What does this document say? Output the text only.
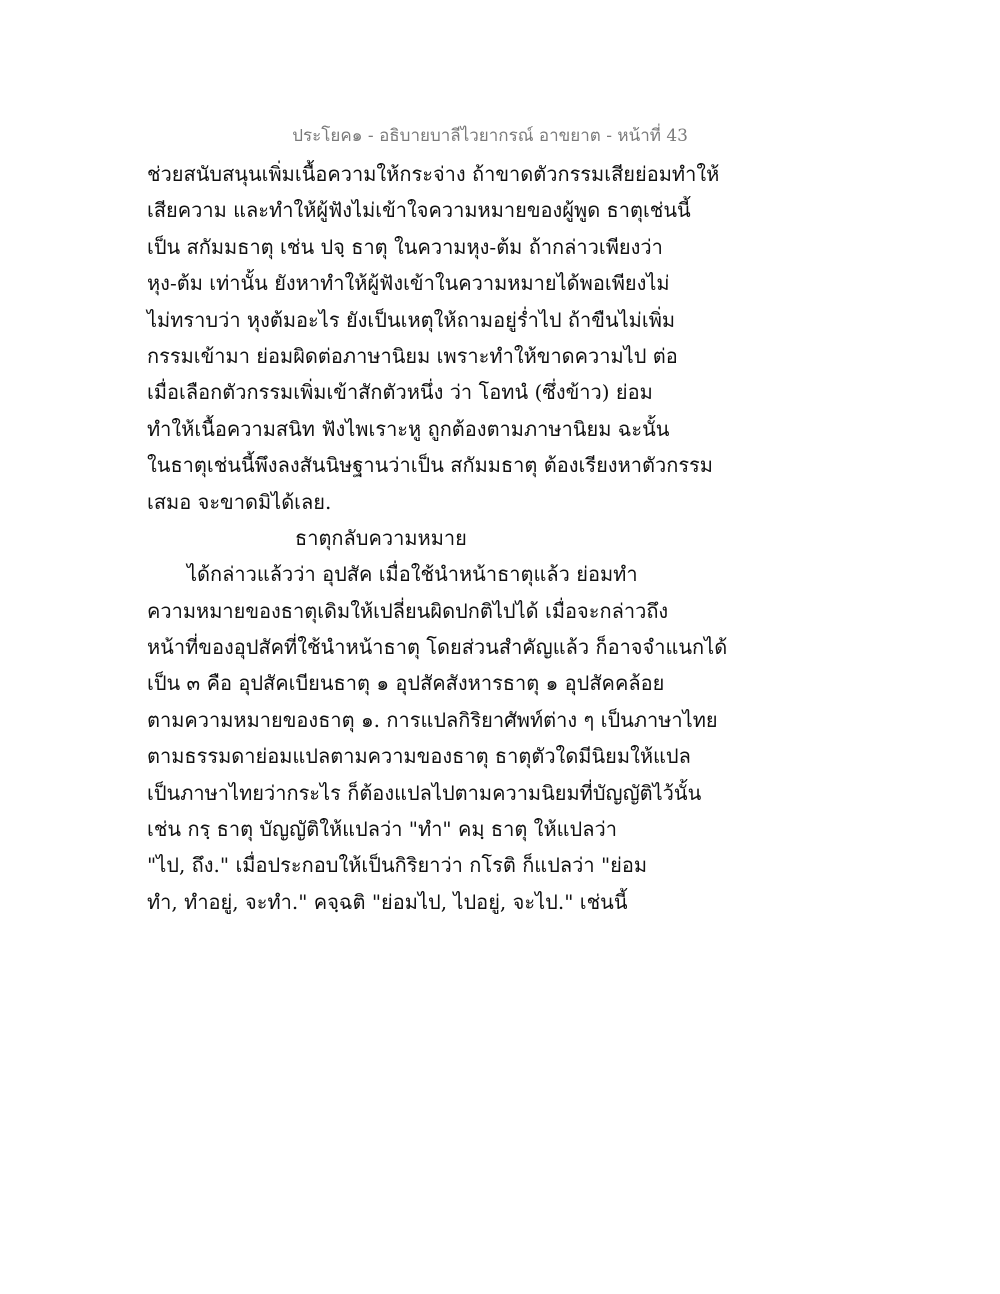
ประโยค๑ - อธิบายบาลีไวยากรณ์ อาขยาต - หน้าที่ 43
ช่วยสนับสนุนเพิ่มเนื้อความให้กระจ่าง ถ้าขาดตัวกรรมเสียย่อมทำให้
เสียความ และทำให้ผู้ฟังไม่เข้าใจความหมายของผู้พูด ธาตุเช่นนี้
เป็น สกัมมธาตุ เช่น ปจฺ ธาตุ ในความหุง-ต้ม ถ้ากล่าวเพียงว่า
หุง-ต้ม เท่านั้น ยังหาทำให้ผู้ฟังเข้าในความหมายได้พอเพียงไม่
ไม่ทราบว่า หุงต้มอะไร ยังเป็นเหตุให้ถามอยู่ร่ำไป ถ้าขืนไม่เพิ่ม
กรรมเข้ามา ย่อมผิดต่อภาษานิยม เพราะทำให้ขาดความไป ต่อ
เมื่อเลือกตัวกรรมเพิ่มเข้าสักตัวหนึ่ง ว่า โอทนํ (ซึ่งข้าว) ย่อม
ทำให้เนื้อความสนิท ฟังไพเราะหู ถูกต้องตามภาษานิยม ฉะนั้น
ในธาตุเช่นนี้พึงลงสันนิษฐานว่าเป็น สกัมมธาตุ ต้องเรียงหาตัวกรรม
เสมอ จะขาดมิได้เลย.
ธาตุกลับความหมาย
ได้กล่าวแล้วว่า อุปสัค เมื่อใช้นำหน้าธาตุแล้ว ย่อมทำ
ความหมายของธาตุเดิมให้เปลี่ยนผิดปกติไปได้ เมื่อจะกล่าวถึง
หน้าที่ของอุปสัคที่ใช้นำหน้าธาตุ โดยส่วนสำคัญแล้ว ก็อาจจำแนกได้
เป็น ๓ คือ อุปสัคเบียนธาตุ ๑ อุปสัคสังหารธาตุ ๑ อุปสัคคล้อย
ตามความหมายของธาตุ ๑. การแปลกิริยาศัพท์ต่าง ๆ เป็นภาษาไทย
ตามธรรมดาย่อมแปลตามความของธาตุ ธาตุตัวใดมีนิยมให้แปล
เป็นภาษาไทยว่ากระไร ก็ต้องแปลไปตามความนิยมที่บัญญัติไว้นั้น
เช่น กรฺ ธาตุ บัญญัติให้แปลว่า "ทำ" คมฺ ธาตุ ให้แปลว่า
"ไป, ถึง." เมื่อประกอบให้เป็นกิริยาว่า กโรติ ก็แปลว่า "ย่อม
ทำ, ทำอยู่, จะทำ." คจฺฉติ "ย่อมไป, ไปอยู่, จะไป." เช่นนี้
